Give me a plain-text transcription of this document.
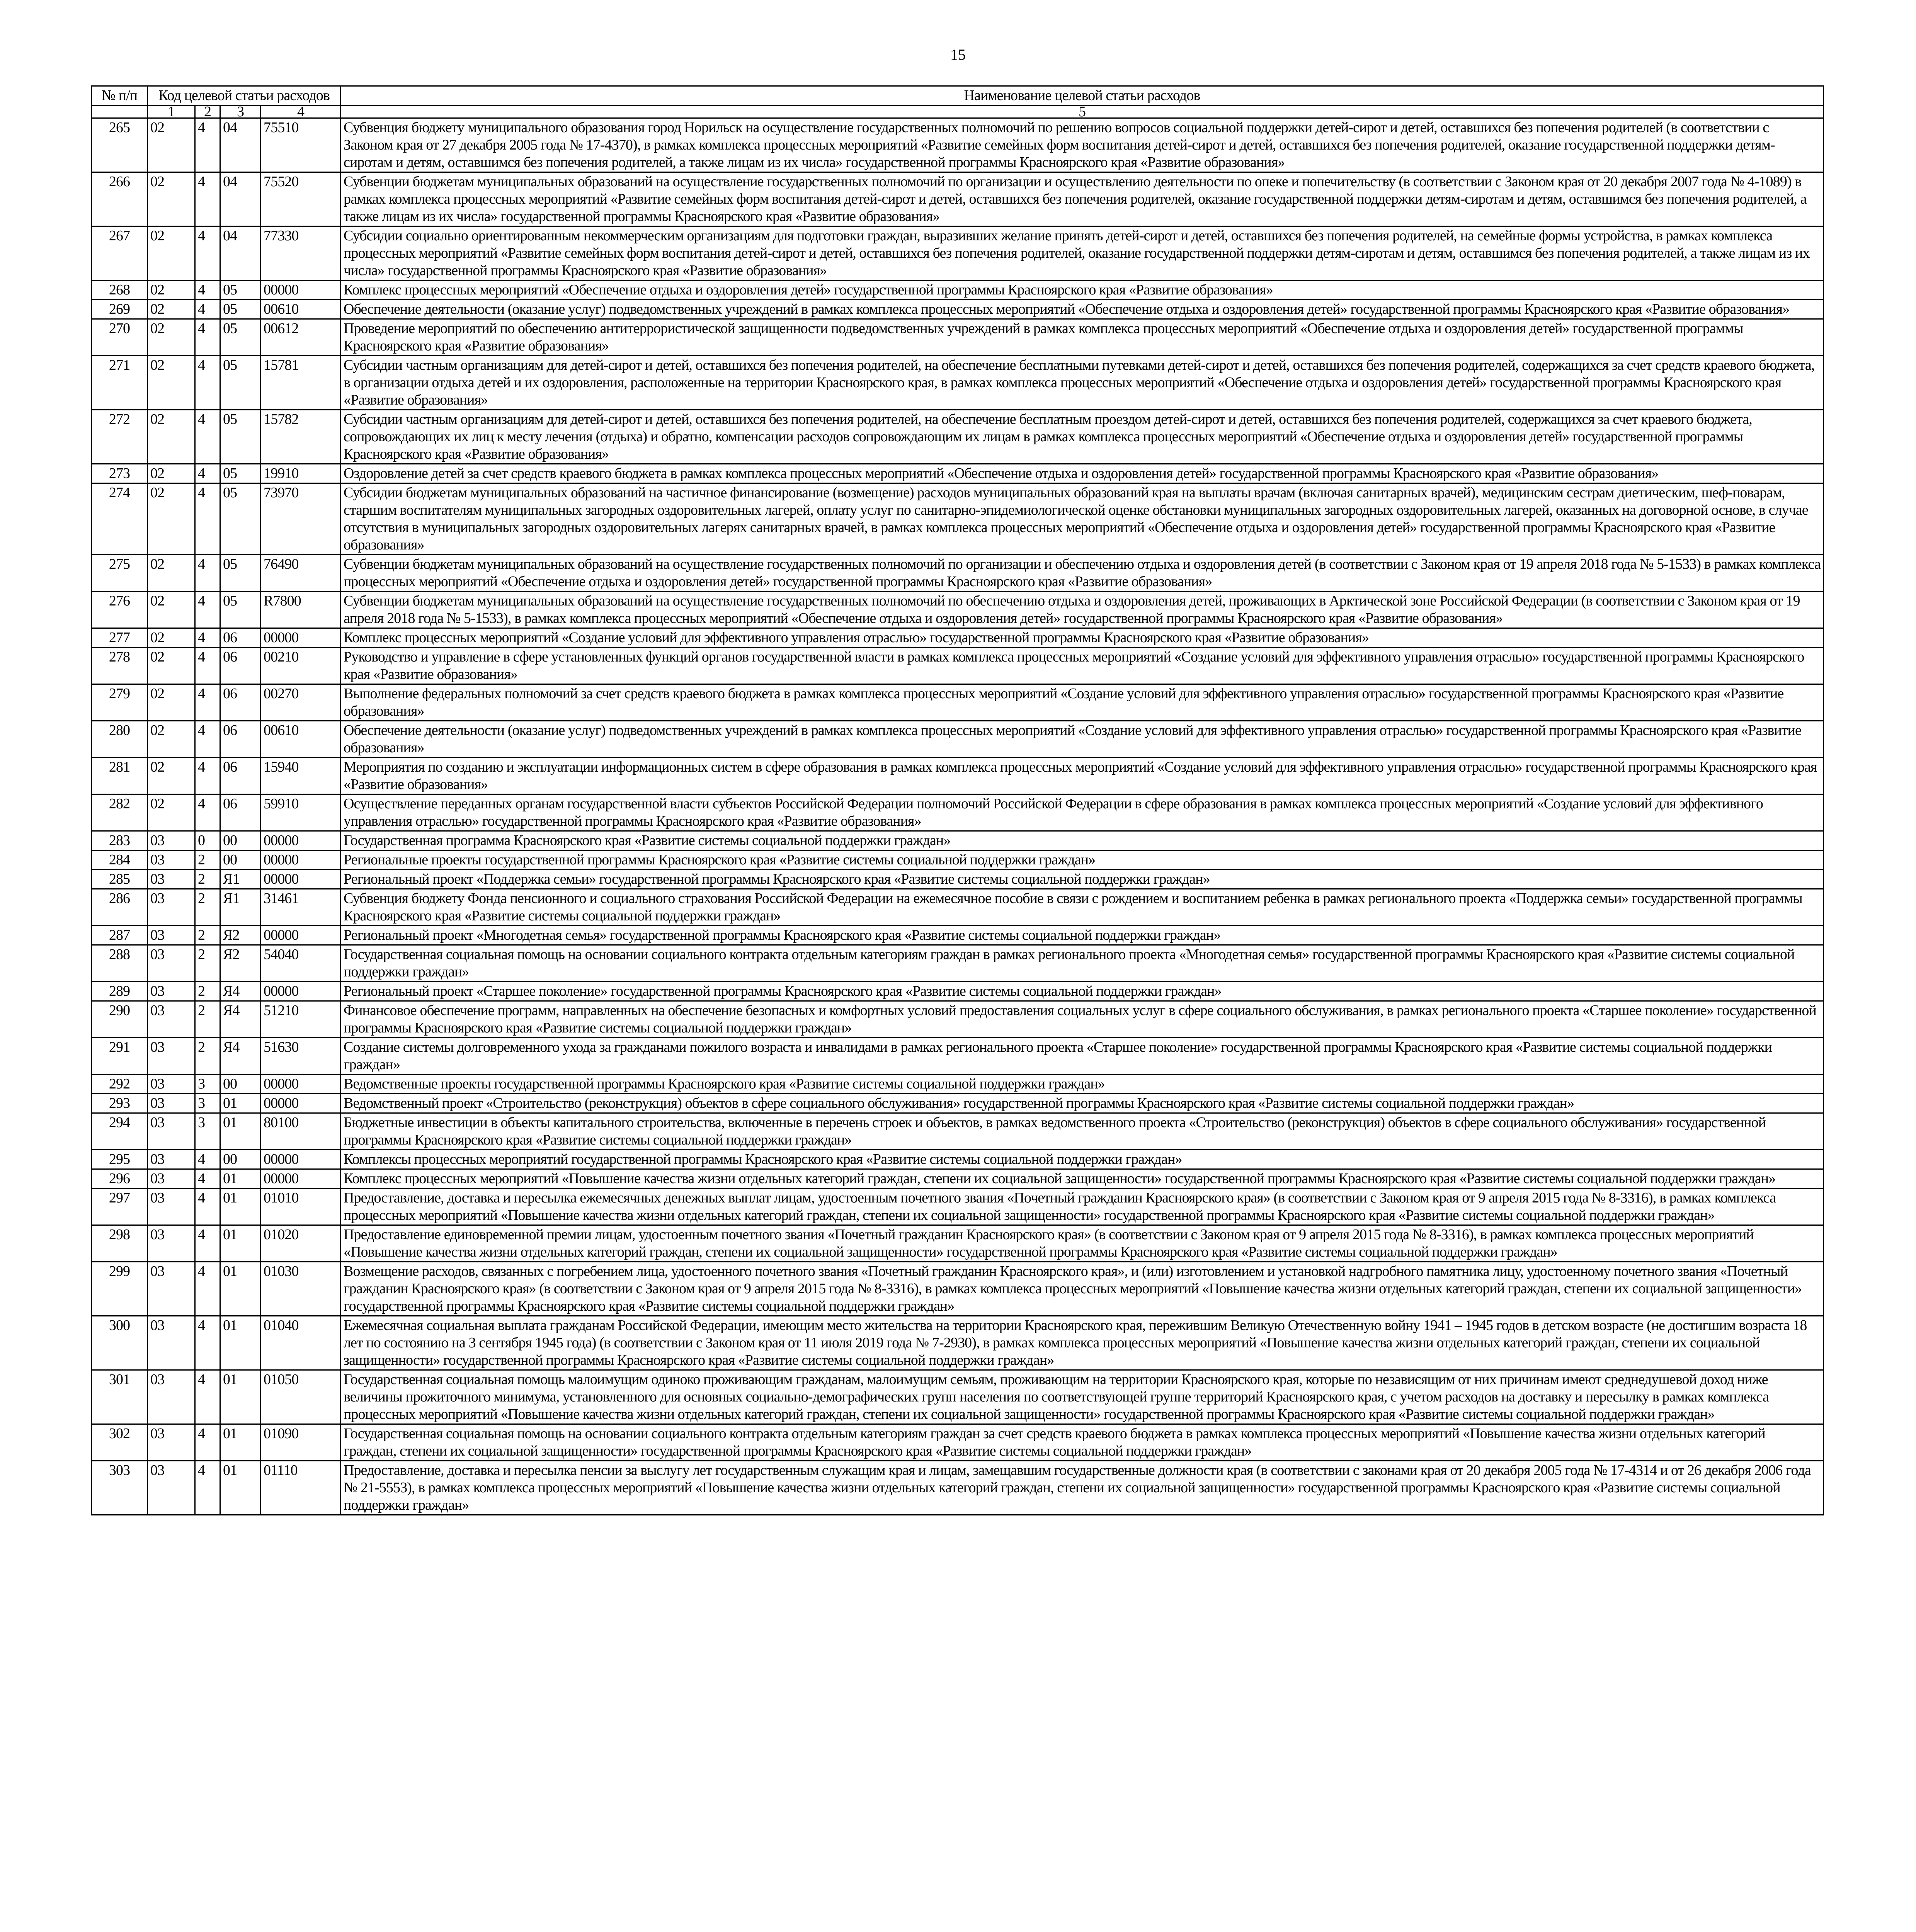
15
№ п/п	Код целевой статьи расходов				Наименование целевой статьи расходов
	1	2	3	4	5
265	02	4	04	75510	Субвенция бюджету муниципального образования город Норильск на осуществление государственных полномочий по решению вопросов социальной поддержки детей-сирот и детей, оставшихся без попечения родителей (в соответствии с Законом края от 27 декабря 2005 года № 17-4370), в рамках комплекса процессных мероприятий «Развитие семейных форм воспитания детей-сирот и детей, оставшихся без попечения родителей, оказание государственной поддержки детям-сиротам и детям, оставшимся без попечения родителей, а также лицам из их числа» государственной программы Красноярского края «Развитие образования»
266	02	4	04	75520	Субвенции бюджетам муниципальных образований на осуществление государственных полномочий по организации и осуществлению деятельности по опеке и попечительству (в соответствии с Законом края от 20 декабря 2007 года № 4-1089) в рамках комплекса процессных мероприятий «Развитие семейных форм воспитания детей-сирот и детей, оставшихся без попечения родителей, оказание государственной поддержки детям-сиротам и детям, оставшимся без попечения родителей, а также лицам из их числа» государственной программы Красноярского края «Развитие образования»
267	02	4	04	77330	Субсидии социально ориентированным некоммерческим организациям для подготовки граждан, выразивших желание принять детей-сирот и детей, оставшихся без попечения родителей, на семейные формы устройства, в рамках комплекса процессных мероприятий «Развитие семейных форм воспитания детей-сирот и детей, оставшихся без попечения родителей, оказание государственной поддержки детям-сиротам и детям, оставшимся без попечения родителей, а также лицам из их числа» государственной программы Красноярского края «Развитие образования»
268	02	4	05	00000	Комплекс процессных мероприятий «Обеспечение отдыха и оздоровления детей» государственной программы Красноярского края «Развитие образования»
269	02	4	05	00610	Обеспечение деятельности (оказание услуг) подведомственных учреждений в рамках комплекса процессных мероприятий «Обеспечение отдыха и оздоровления детей» государственной программы Красноярского края «Развитие образования»
270	02	4	05	00612	Проведение мероприятий по обеспечению антитеррористической защищенности подведомственных учреждений в рамках комплекса процессных мероприятий «Обеспечение отдыха и оздоровления детей» государственной программы Красноярского края «Развитие образования»
271	02	4	05	15781	Субсидии частным организациям для детей-сирот и детей, оставшихся без попечения родителей, на обеспечение бесплатными путевками детей-сирот и детей, оставшихся без попечения родителей, содержащихся за счет средств краевого бюджета, в организации отдыха детей и их оздоровления, расположенные на территории Красноярского края, в рамках комплекса процессных мероприятий «Обеспечение отдыха и оздоровления детей» государственной программы Красноярского края «Развитие образования»
272	02	4	05	15782	Субсидии частным организациям для детей-сирот и детей, оставшихся без попечения родителей, на обеспечение бесплатным проездом детей-сирот и детей, оставшихся без попечения родителей, содержащихся за счет краевого бюджета, сопровождающих их лиц к месту лечения (отдыха) и обратно, компенсации расходов сопровождающим их лицам в рамках комплекса процессных мероприятий «Обеспечение отдыха и оздоровления детей» государственной программы Красноярского края «Развитие образования»
273	02	4	05	19910	Оздоровление детей за счет средств краевого бюджета в рамках комплекса процессных мероприятий «Обеспечение отдыха и оздоровления детей» государственной программы Красноярского края «Развитие образования»
274	02	4	05	73970	Субсидии бюджетам муниципальных образований на частичное финансирование (возмещение) расходов муниципальных образований края на выплаты врачам (включая санитарных врачей), медицинским сестрам диетическим, шеф-поварам, старшим воспитателям муниципальных загородных оздоровительных лагерей, оплату услуг по санитарно-эпидемиологической оценке обстановки муниципальных загородных оздоровительных лагерей, оказанных на договорной основе, в случае отсутствия в муниципальных загородных оздоровительных лагерях санитарных врачей, в рамках комплекса процессных мероприятий «Обеспечение отдыха и оздоровления детей» государственной программы Красноярского края «Развитие образования»
275	02	4	05	76490	Субвенции бюджетам муниципальных образований на осуществление государственных полномочий по организации и обеспечению отдыха и оздоровления детей (в соответствии с Законом края от 19 апреля 2018 года № 5-1533) в рамках комплекса процессных мероприятий «Обеспечение отдыха и оздоровления детей» государственной программы Красноярского края «Развитие образования»
276	02	4	05	R7800	Субвенции бюджетам муниципальных образований на осуществление государственных полномочий по обеспечению отдыха и оздоровления детей, проживающих в Арктической зоне Российской Федерации (в соответствии с Законом края от 19 апреля 2018 года № 5-1533), в рамках комплекса процессных мероприятий «Обеспечение отдыха и оздоровления детей» государственной программы Красноярского края «Развитие образования»
277	02	4	06	00000	Комплекс процессных мероприятий «Создание условий для эффективного управления отраслью» государственной программы Красноярского края «Развитие образования»
278	02	4	06	00210	Руководство и управление в сфере установленных функций органов государственной власти в рамках комплекса процессных мероприятий «Создание условий для эффективного управления отраслью» государственной программы Красноярского края «Развитие образования»
279	02	4	06	00270	Выполнение федеральных полномочий за счет средств краевого бюджета в рамках комплекса процессных мероприятий «Создание условий для эффективного управления отраслью» государственной программы Красноярского края «Развитие образования»
280	02	4	06	00610	Обеспечение деятельности (оказание услуг) подведомственных учреждений в рамках комплекса процессных мероприятий «Создание условий для эффективного управления отраслью» государственной программы Красноярского края «Развитие образования»
281	02	4	06	15940	Мероприятия по созданию и эксплуатации информационных систем в сфере образования в рамках комплекса процессных мероприятий «Создание условий для эффективного управления отраслью» государственной программы Красноярского края «Развитие образования»
282	02	4	06	59910	Осуществление переданных органам государственной власти субъектов Российской Федерации полномочий Российской Федерации в сфере образования в рамках комплекса процессных мероприятий «Создание условий для эффективного управления отраслью» государственной программы Красноярского края «Развитие образования»
283	03	0	00	00000	Государственная программа Красноярского края «Развитие системы социальной поддержки граждан»
284	03	2	00	00000	Региональные проекты государственной программы Красноярского края «Развитие системы социальной поддержки граждан»
285	03	2	Я1	00000	Региональный проект «Поддержка семьи» государственной программы Красноярского края «Развитие системы социальной поддержки граждан»
286	03	2	Я1	31461	Субвенция бюджету Фонда пенсионного и социального страхования Российской Федерации на ежемесячное пособие в связи с рождением и воспитанием ребенка в рамках регионального проекта «Поддержка семьи» государственной программы Красноярского края «Развитие системы социальной поддержки граждан»
287	03	2	Я2	00000	Региональный проект «Многодетная семья» государственной программы Красноярского края «Развитие системы социальной поддержки граждан»
288	03	2	Я2	54040	Государственная социальная помощь на основании социального контракта отдельным категориям граждан в рамках регионального проекта «Многодетная семья» государственной программы Красноярского края «Развитие системы социальной поддержки граждан»
289	03	2	Я4	00000	Региональный проект «Старшее поколение» государственной программы Красноярского края «Развитие системы социальной поддержки граждан»
290	03	2	Я4	51210	Финансовое обеспечение программ, направленных на обеспечение безопасных и комфортных условий предоставления социальных услуг в сфере социального обслуживания, в рамках регионального проекта «Старшее поколение» государственной программы Красноярского края «Развитие системы социальной поддержки граждан»
291	03	2	Я4	51630	Создание системы долговременного ухода за гражданами пожилого возраста и инвалидами в рамках регионального проекта «Старшее поколение» государственной программы Красноярского края «Развитие системы социальной поддержки граждан»
292	03	3	00	00000	Ведомственные проекты государственной программы Красноярского края «Развитие системы социальной поддержки граждан»
293	03	3	01	00000	Ведомственный проект «Строительство (реконструкция) объектов в сфере социального обслуживания» государственной программы Красноярского края «Развитие системы социальной поддержки граждан»
294	03	3	01	80100	Бюджетные инвестиции в объекты капитального строительства, включенные в перечень строек и объектов, в рамках ведомственного проекта «Строительство (реконструкция) объектов в сфере социального обслуживания» государственной программы Красноярского края «Развитие системы социальной поддержки граждан»
295	03	4	00	00000	Комплексы процессных мероприятий государственной программы Красноярского края «Развитие системы социальной поддержки граждан»
296	03	4	01	00000	Комплекс процессных мероприятий «Повышение качества жизни отдельных категорий граждан, степени их социальной защищенности» государственной программы Красноярского края «Развитие системы социальной поддержки граждан»
297	03	4	01	01010	Предоставление, доставка и пересылка ежемесячных денежных выплат лицам, удостоенным почетного звания «Почетный гражданин Красноярского края» (в соответствии с Законом края от 9 апреля 2015 года № 8-3316), в рамках комплекса процессных мероприятий «Повышение качества жизни отдельных категорий граждан, степени их социальной защищенности» государственной программы Красноярского края «Развитие системы социальной поддержки граждан»
298	03	4	01	01020	Предоставление единовременной премии лицам, удостоенным почетного звания «Почетный гражданин Красноярского края» (в соответствии с Законом края от 9 апреля 2015 года № 8-3316), в рамках комплекса процессных мероприятий «Повышение качества жизни отдельных категорий граждан, степени их социальной защищенности» государственной программы Красноярского края «Развитие системы социальной поддержки граждан»
299	03	4	01	01030	Возмещение расходов, связанных с погребением лица, удостоенного почетного звания «Почетный гражданин Красноярского края», и (или) изготовлением и установкой надгробного памятника лицу, удостоенному почетного звания «Почетный гражданин Красноярского края» (в соответствии с Законом края от 9 апреля 2015 года № 8-3316), в рамках комплекса процессных мероприятий «Повышение качества жизни отдельных категорий граждан, степени их социальной защищенности» государственной программы Красноярского края «Развитие системы социальной поддержки граждан»
300	03	4	01	01040	Ежемесячная социальная выплата гражданам Российской Федерации, имеющим место жительства на территории Красноярского края, пережившим Великую Отечественную войну 1941 – 1945 годов в детском возрасте (не достигшим возраста 18 лет по состоянию на 3 сентября 1945 года) (в соответствии с Законом края от 11 июля 2019 года № 7-2930), в рамках комплекса процессных мероприятий «Повышение качества жизни отдельных категорий граждан, степени их социальной защищенности» государственной программы Красноярского края «Развитие системы социальной поддержки граждан»
301	03	4	01	01050	Государственная социальная помощь малоимущим одиноко проживающим гражданам, малоимущим семьям, проживающим на территории Красноярского края, которые по независящим от них причинам имеют среднедушевой доход ниже величины прожиточного минимума, установленного для основных социально-демографических групп населения по соответствующей группе территорий Красноярского края, с учетом расходов на доставку и пересылку в рамках комплекса процессных мероприятий «Повышение качества жизни отдельных категорий граждан, степени их социальной защищенности» государственной программы Красноярского края «Развитие системы социальной поддержки граждан»
302	03	4	01	01090	Государственная социальная помощь на основании социального контракта отдельным категориям граждан за счет средств краевого бюджета в рамках комплекса процессных мероприятий «Повышение качества жизни отдельных категорий граждан, степени их социальной защищенности» государственной программы Красноярского края «Развитие системы социальной поддержки граждан»
303	03	4	01	01110	Предоставление, доставка и пересылка пенсии за выслугу лет государственным служащим края и лицам, замещавшим государственные должности края (в соответствии с законами края от 20 декабря 2005 года № 17-4314 и от 26 декабря 2006 года № 21-5553), в рамках комплекса процессных мероприятий «Повышение качества жизни отдельных категорий граждан, степени их социальной защищенности» государственной программы Красноярского края «Развитие системы социальной поддержки граждан»
